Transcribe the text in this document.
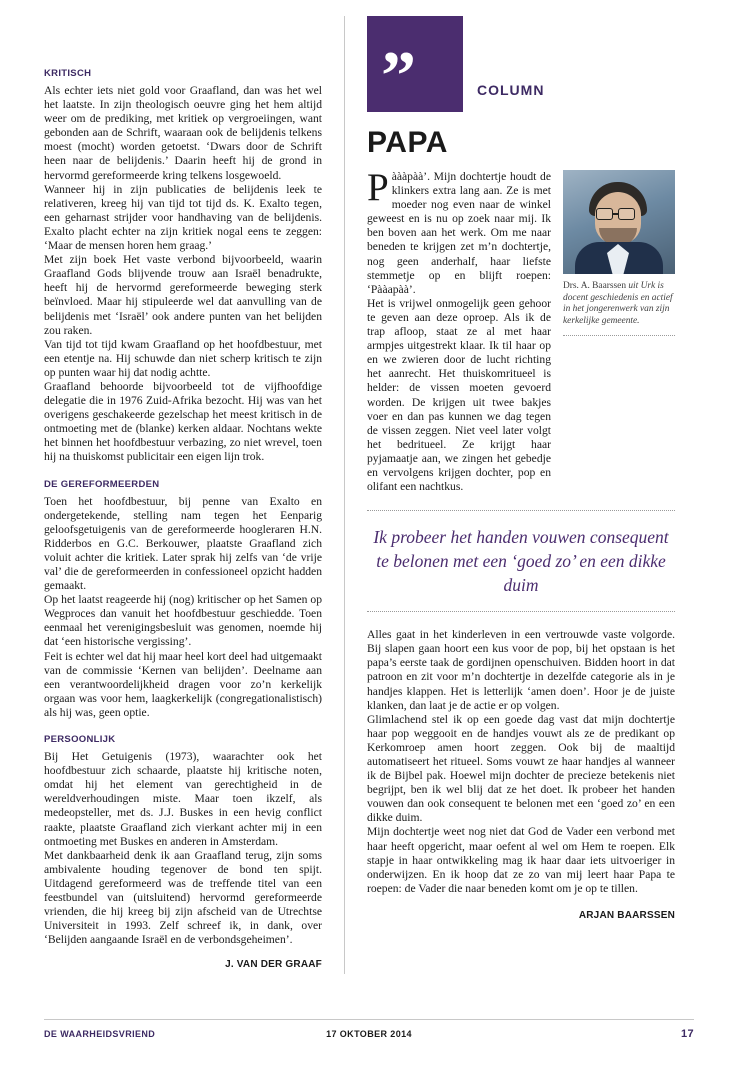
KRITISCH

Als echter iets niet gold voor Graafland, dan was het wel het laatste. In zijn theologisch oeuvre ging het hem altijd weer om de prediking, met kritiek op vergroeiingen, want gebonden aan de Schrift, waaraan ook de belijdenis telkens moest (mocht) worden getoetst. ‘Dwars door de Schrift heen naar de belijdenis.’ Daarin heeft hij de grond in hervormd gereformeerde kring telkens losgewoeld.

Wanneer hij in zijn publicaties de belijdenis leek te relativeren, kreeg hij van tijd tot tijd ds. K. Exalto tegen, een geharnast strijder voor handhaving van de belijdenis. Exalto placht echter na zijn kritiek nogal eens te zeggen: ‘Maar de mensen horen hem graag.’

Met zijn boek Het vaste verbond bijvoorbeeld, waarin Graafland Gods blijvende trouw aan Israël benadrukte, heeft hij de hervormd gereformeerde beweging sterk beïnvloed. Maar hij stipuleerde wel dat aanvulling van de belijdenis met ‘Israël’ ook andere punten van het belijden zou raken.

Van tijd tot tijd kwam Graafland op het hoofdbestuur, met een etentje na. Hij schuwde dan niet scherp kritisch te zijn op punten waar hij dat nodig achtte.

Graafland behoorde bijvoorbeeld tot de vijfhoofdige delegatie die in 1976 Zuid-Afrika bezocht. Hij was van het overigens geschakeerde gezelschap het meest kritisch in de ontmoeting met de (blanke) kerken aldaar. Nochtans wekte het binnen het hoofdbestuur verbazing, zo niet wrevel, toen hij na thuiskomst publicitair een eigen lijn trok.

DE GEREFORMEERDEN

Toen het hoofdbestuur, bij penne van Exalto en ondergetekende, stelling nam tegen het Eenparig geloofsgetuigenis van de gereformeerde hoogleraren H.N. Ridderbos en G.C. Berkouwer, plaatste Graafland zich voluit achter die kritiek. Later sprak hij zelfs van ‘de vrije val’ die de gereformeerden in confessioneel opzicht hadden gemaakt.

Op het laatst reageerde hij (nog) kritischer op het Samen op Wegproces dan vanuit het hoofdbestuur geschiedde. Toen eenmaal het verenigingsbesluit was genomen, noemde hij dat ‘een historische vergissing’.

Feit is echter wel dat hij maar heel kort deel had uitgemaakt van de commissie ‘Kernen van belijden’. Deelname aan een verantwoordelijkheid dragen voor zo’n kerkelijk orgaan was voor hem, laagkerkelijk (congregationalistisch) als hij was, geen optie.

PERSOONLIJK

Bij Het Getuigenis (1973), waarachter ook het hoofdbestuur zich schaarde, plaatste hij kritische noten, omdat hij het element van gerechtigheid in de wereldverhoudingen miste. Maar toen ikzelf, als medeopsteller, met ds. J.J. Buskes in een hevig conflict raakte, plaatste Graafland zich vierkant achter mij in een ontmoeting met Buskes en anderen in Amsterdam.

Met dankbaarheid denk ik aan Graafland terug, zijn soms ambivalente houding tegenover de bond ten spijt. Uitdagend gereformeerd was de treffende titel van een feestbundel van (uitsluitend) hervormd gereformeerde vrienden, die hij kreeg bij zijn afscheid van de Utrechtse Universiteit in 1993. Zelf schreef ik, in dank, over ‘Belijden aangaande Israël en de verbondsgeheimen’.

J. VAN DER GRAAF
”	COLUMN
PAPA
Pàààpàà’. Mijn dochtertje houdt de klinkers extra lang aan. Ze is met moeder nog even naar de winkel geweest en is nu op zoek naar mij. Ik ben boven aan het werk. Om me naar beneden te krijgen zet m’n dochtertje, nog geen anderhalf, haar liefste stemmetje op en blijft roepen: ‘Pààapàà’.
Het is vrijwel onmogelijk geen gehoor te geven aan deze oproep. Als ik de trap afloop, staat ze al met haar armpjes uitgestrekt klaar. Ik til haar op en we zwieren door de lucht richting het aanrecht. Het thuiskomritueel is helder: de vissen moeten gevoerd worden. De krijgen uit twee bakjes voer en dan pas kunnen we dag tegen de vissen zeggen. Niet veel later volgt het bedritueel. Ze krijgt haar pyjamaatje aan, we zingen het gebedje en vervolgens krijgen dochter, pop en olifant een nachtkus.
Drs. A. Baarssen uit Urk is docent geschiedenis en actief in het jongerenwerk van zijn kerkelijke gemeente.
Ik probeer het handen vouwen consequent te belonen met een ‘goed zo’ en een dikke duim

Alles gaat in het kinderleven in een vertrouwde vaste volgorde. Bij slapen gaan hoort een kus voor de pop, bij het opstaan is het papa’s eerste taak de gordijnen openschuiven. Bidden hoort in dat patroon en zit voor m’n dochtertje in dezelfde categorie als in je handjes klappen. Het is letterlijk ‘amen doen’. Hoor je de juiste klanken, dan laat je de actie er op volgen.

Glimlachend stel ik op een goede dag vast dat mijn dochtertje haar pop weggooit en de handjes vouwt als ze de predikant op Kerkomroep amen hoort zeggen. Ook bij de maaltijd automatiseert het ritueel. Soms vouwt ze haar handjes al wanneer ik de Bijbel pak. Hoewel mijn dochter de precieze betekenis niet begrijpt, ben ik wel blij dat ze het doet. Ik probeer het handen vouwen dan ook consequent te belonen met een ‘goed zo’ en een dikke duim.

Mijn dochtertje weet nog niet dat God de Vader een verbond met haar heeft opgericht, maar oefent al wel om Hem te roepen. Elk stapje in haar ontwikkeling mag ik haar daar iets uitvoeriger in onderwijzen. En ik hoop dat ze zo van mij leert haar Papa te roepen: de Vader die naar beneden komt om je op te tillen.

ARJAN BAARSSEN
DE WAARHEIDSVRIEND	17 OKTOBER 2014	17
